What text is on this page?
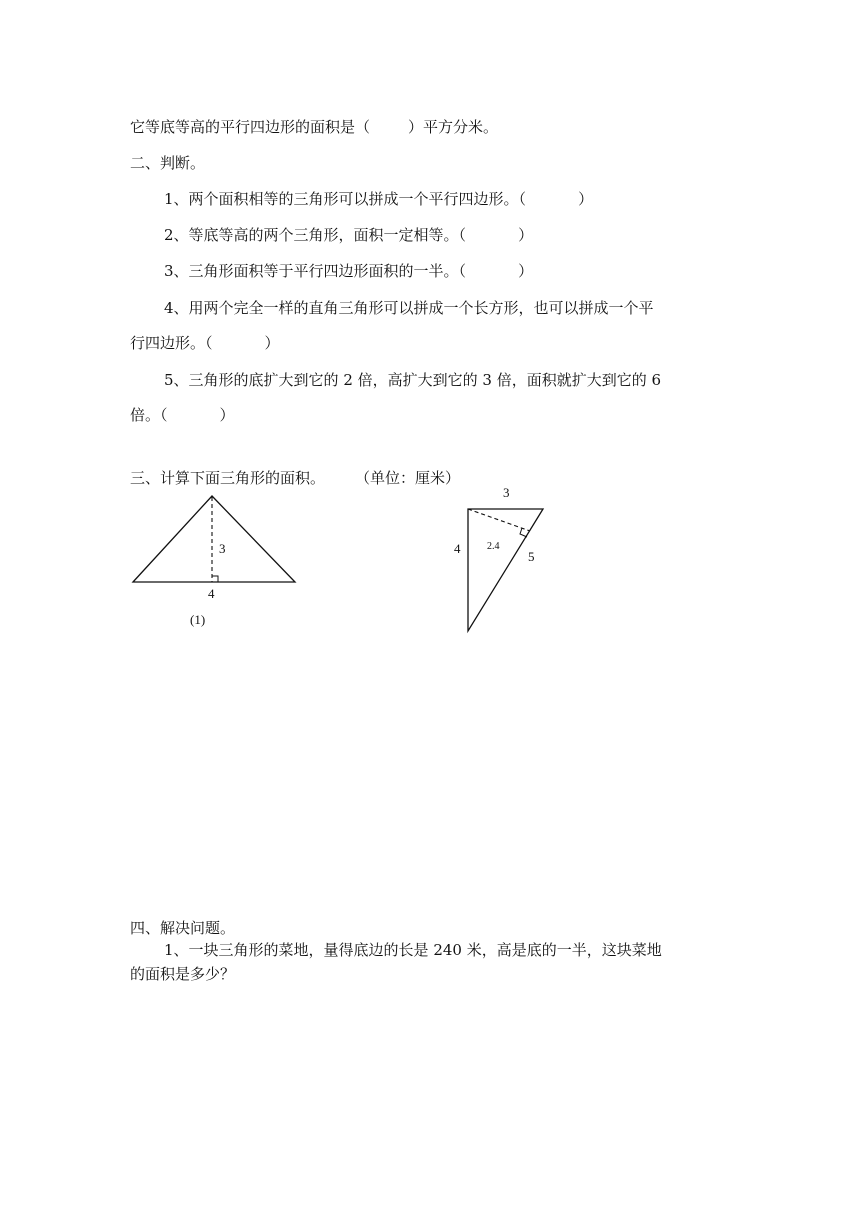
它等底等高的平行四边形的面积是（	）平方分米。
二、判断。
1、两个面积相等的三角形可以拼成一个平行四边形。（	）
2、等底等高的两个三角形，面积一定相等。（	）
3、三角形面积等于平行四边形面积的一半。（	）
4、用两个完全一样的直角三角形可以拼成一个长方形，也可以拼成一个平
行四边形。（	）
5、三角形的底扩大到它的 2 倍，高扩大到它的 3 倍，面积就扩大到它的 6
倍。（	）
三、计算下面三角形的面积。 （单位：厘米）
3
4
(1)
3
4
5
2.4
四、解决问题。
1、一块三角形的菜地，量得底边的长是 240 米，高是底的一半，这块菜地
的面积是多少？
